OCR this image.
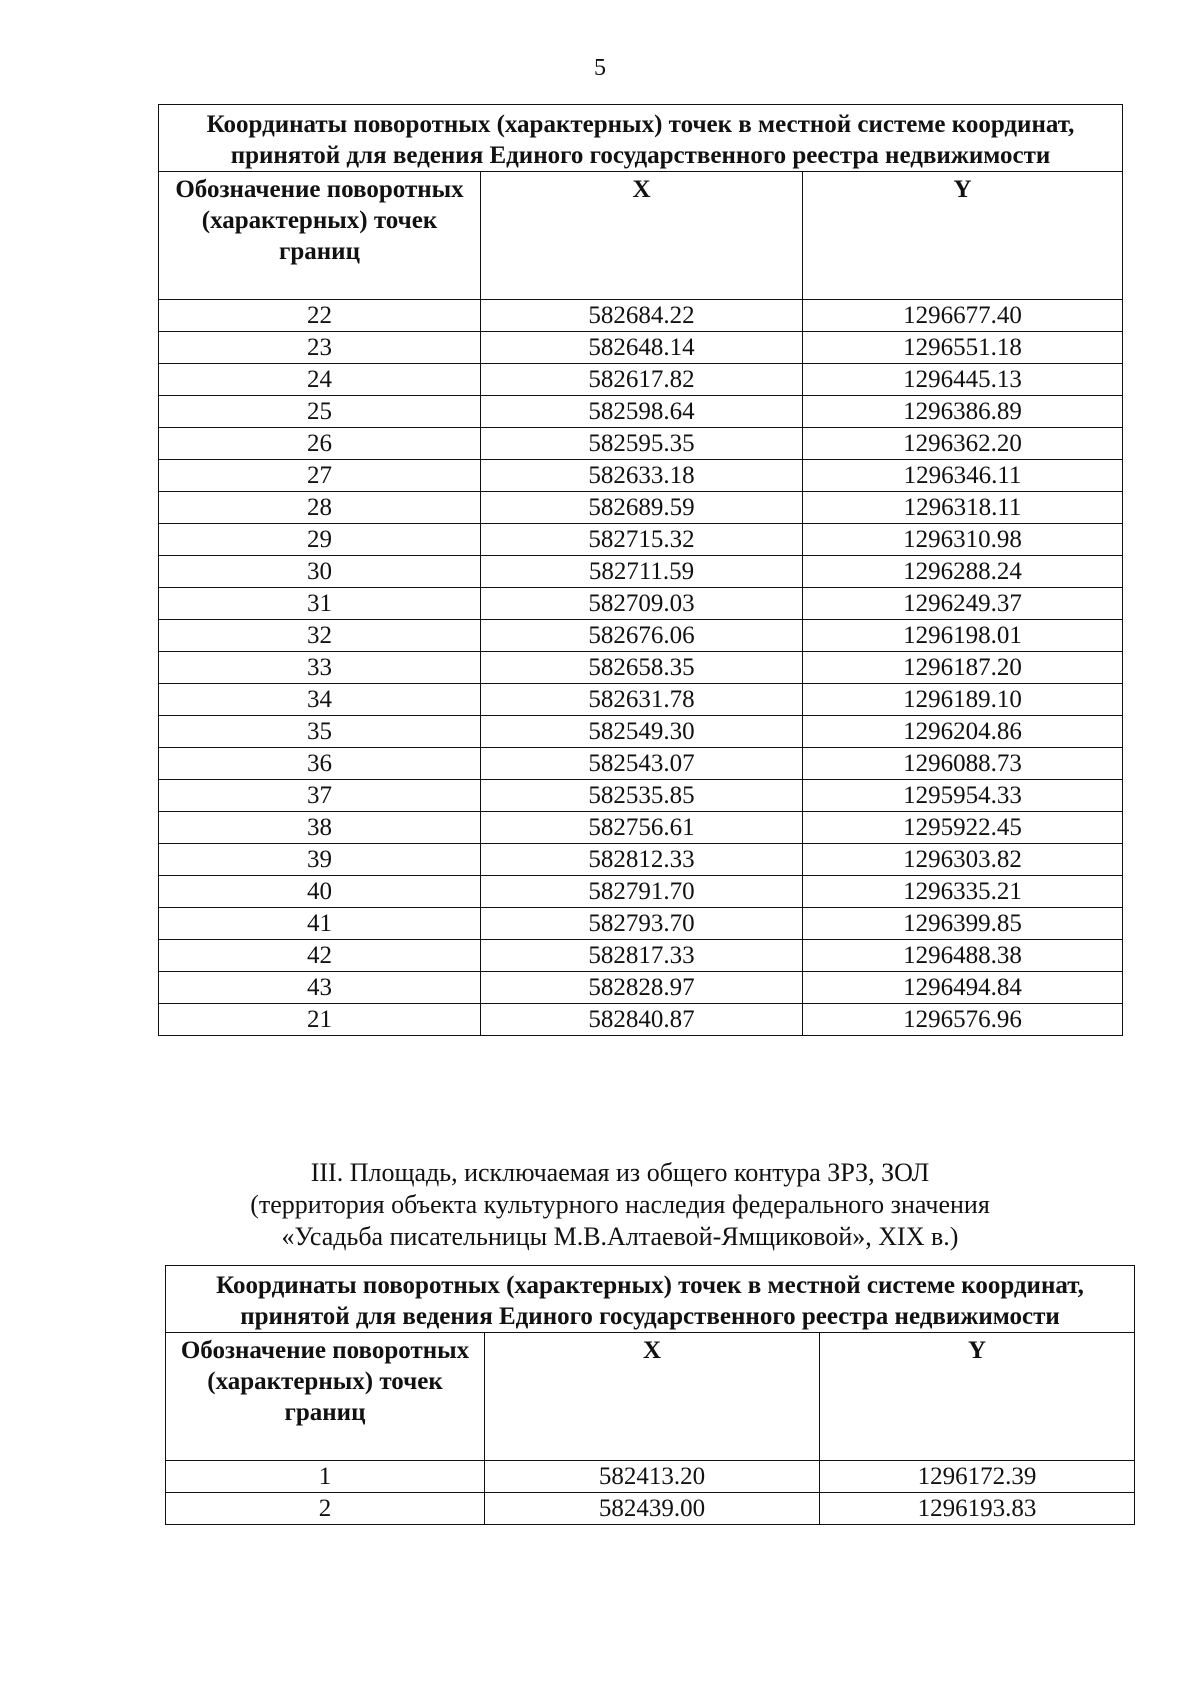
5
Координаты поворотных (характерных) точек в местной системе координат, принятой для ведения Единого государственного реестра недвижимости		
Обозначение поворотных (характерных) точек границ	X	Y
22	582684.22	1296677.40
23	582648.14	1296551.18
24	582617.82	1296445.13
25	582598.64	1296386.89
26	582595.35	1296362.20
27	582633.18	1296346.11
28	582689.59	1296318.11
29	582715.32	1296310.98
30	582711.59	1296288.24
31	582709.03	1296249.37
32	582676.06	1296198.01
33	582658.35	1296187.20
34	582631.78	1296189.10
35	582549.30	1296204.86
36	582543.07	1296088.73
37	582535.85	1295954.33
38	582756.61	1295922.45
39	582812.33	1296303.82
40	582791.70	1296335.21
41	582793.70	1296399.85
42	582817.33	1296488.38
43	582828.97	1296494.84
21	582840.87	1296576.96
III. Площадь, исключаемая из общего контура ЗРЗ, ЗОЛ
(территория объекта культурного наследия федерального значения
«Усадьба писательницы М.В.Алтаевой-Ямщиковой», XIX в.)
Координаты поворотных (характерных) точек в местной системе координат, принятой для ведения Единого государственного реестра недвижимости		
Обозначение поворотных (характерных) точек границ	X	Y
1	582413.20	1296172.39
2	582439.00	1296193.83
